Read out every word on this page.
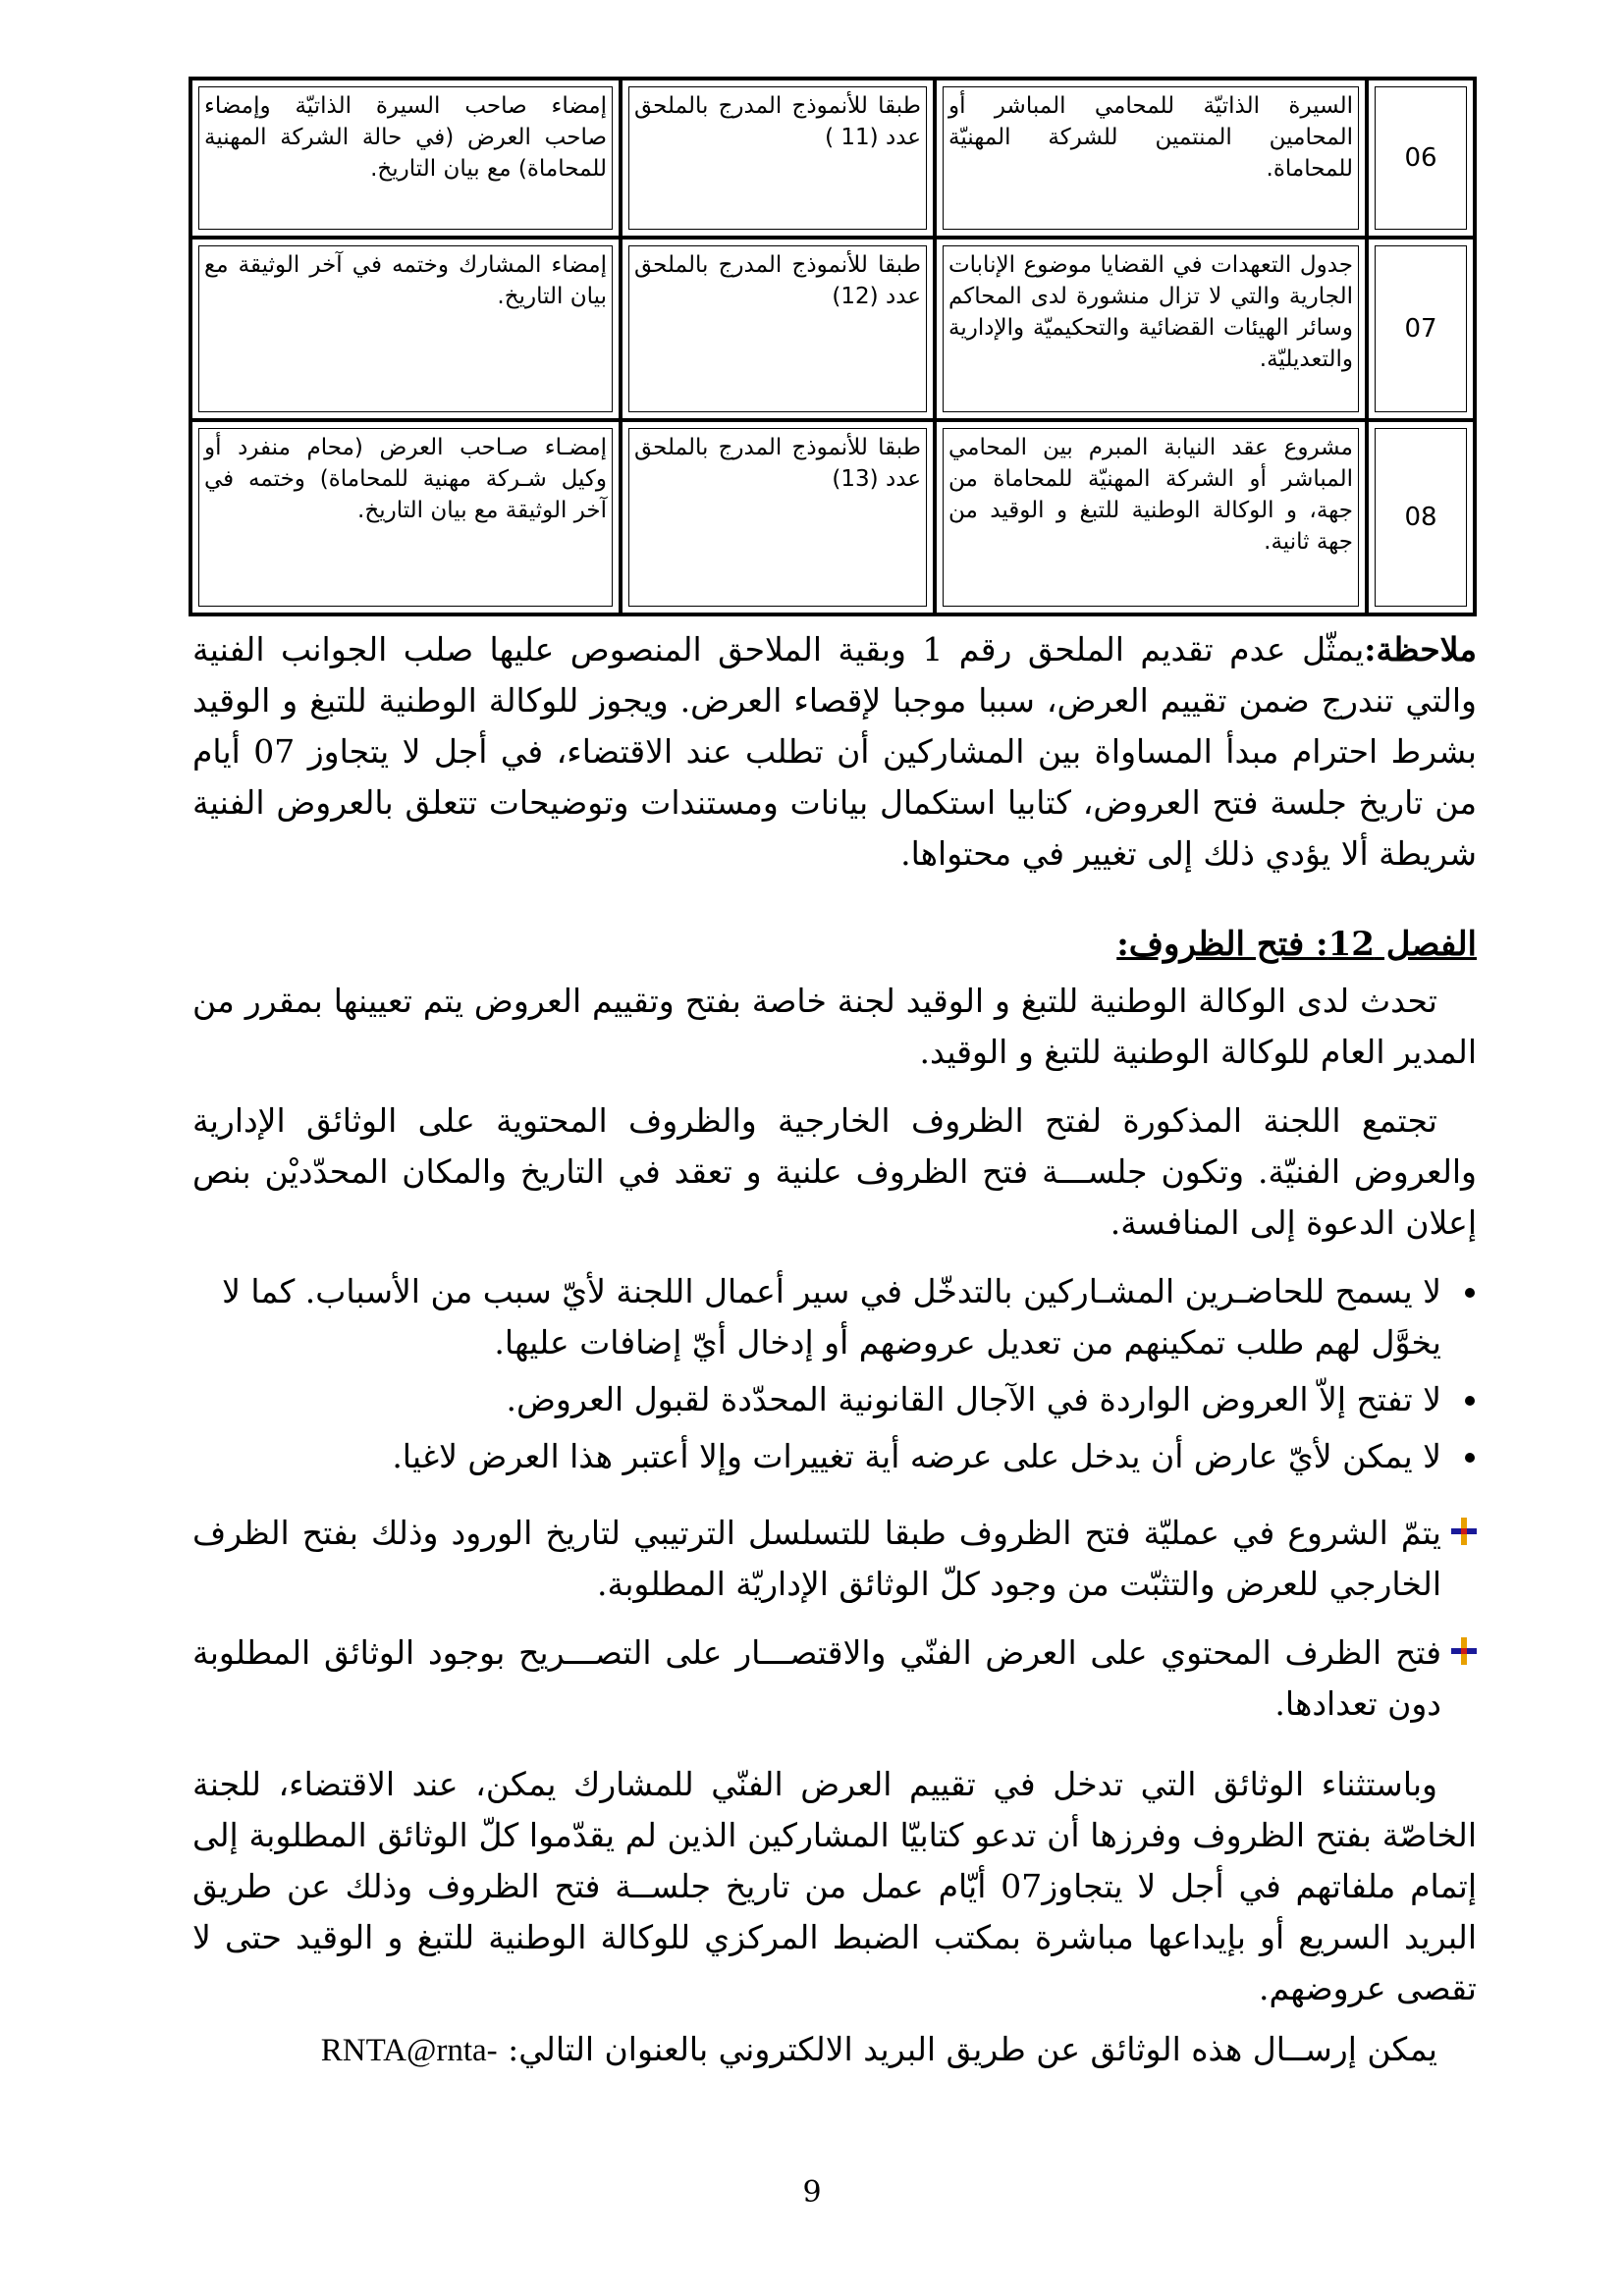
06	السيرة الذاتيّة للمحامي المباشر أو المحامين المنتمين للشركة المهنيّة للمحاماة.	طبقا للأنموذج المدرج بالملحق عدد (11 )	إمضاء صاحب السيرة الذاتيّة وإمضاء صاحب العرض (في حالة الشركة المهنية للمحاماة) مع بيان التاريخ.
07	جدول التعهدات في القضايا موضوع الإنابات الجارية والتي لا تزال منشورة لدى المحاكم وسائر الهيئات القضائية والتحكيميّة والإدارية والتعديليّة.	طبقا للأنموذج المدرج بالملحق عدد (12)	إمضاء المشارك وختمه في آخر الوثيقة مع بيان التاريخ.
08	مشروع عقد النيابة المبرم بين المحامي المباشر أو الشركة المهنيّة للمحاماة من جهة، و الوكالة الوطنية للتبغ و الوقيد من جهة ثانية.	طبقا للأنموذج المدرج بالملحق عدد (13)	إمضـاء صـاحب العرض (محام منفرد أو وكيل شـركة مهنية للمحاماة) وختمه في آخر الوثيقة مع بيان التاريخ.

ملاحظة:يمثّل عدم تقديم الملحق رقم 1 وبقية الملاحق المنصوص عليها صلب الجوانب الفنية والتي تندرج ضمن تقييم العرض، سببا موجبا لإقصاء العرض. ويجوز للوكالة الوطنية للتبغ و الوقيد بشرط احترام مبدأ المساواة بين المشاركين أن تطلب عند الاقتضاء، في أجل لا يتجاوز 07 أيام من تاريخ جلسة فتح العروض، كتابيا استكمال بيانات ومستندات وتوضيحات تتعلق بالعروض الفنية شريطة ألا يؤدي ذلك إلى تغيير في محتواها.

الفصل 12: فتح الظروف:

تحدث لدى الوكالة الوطنية للتبغ و الوقيد لجنة خاصة بفتح وتقييم العروض يتم تعيينها بمقرر من المدير العام للوكالة الوطنية للتبغ و الوقيد.

تجتمع اللجنة المذكورة لفتح الظروف الخارجية والظروف المحتوية على الوثائق الإدارية والعروض الفنيّة. وتكون جلســـة فتح الظروف علنية و تعقد في التاريخ والمكان المحدّديْن بنص إعلان الدعوة إلى المنافسة.

لا يسمح للحاضـرين المشـاركين بالتدخّل في سير أعمال اللجنة لأيّ سبب من الأسباب. كما لا يخوَّل لهم طلب تمكينهم من تعديل عروضهم أو إدخال أيّ إضافات عليها.
لا تفتح إلاّ العروض الواردة في الآجال القانونية المحدّدة لقبول العروض.
لا يمكن لأيّ عارض أن يدخل على عرضه أية تغييرات وإلا أعتبر هذا العرض لاغيا.
يتمّ الشروع في عمليّة فتح الظروف طبقا للتسلسل الترتيبي لتاريخ الورود وذلك بفتح الظرف الخارجي للعرض والتثبّت من وجود كلّ الوثائق الإداريّة المطلوبة.
فتح الظرف المحتوي على العرض الفنّي والاقتصـــار على التصـــريح بوجود الوثائق المطلوبة دون تعدادها.

وباستثناء الوثائق التي تدخل في تقييم العرض الفنّي للمشارك يمكن، عند الاقتضاء، للجنة الخاصّة بفتح الظروف وفرزها أن تدعو كتابيّا المشاركين الذين لم يقدّموا كلّ الوثائق المطلوبة إلى إتمام ملفاتهم في أجل لا يتجاوز07 أيّام عمل من تاريخ جلســة فتح الظروف وذلك عن طريق البريد السريع أو بإيداعها مباشرة بمكتب الضبط المركزي للوكالة الوطنية للتبغ و الوقيد حتى لا تقصى عروضهم.

يمكن إرســال هذه الوثائق عن طريق البريد الالكتروني بالعنوان التالي: RNTA@rnta-

9
